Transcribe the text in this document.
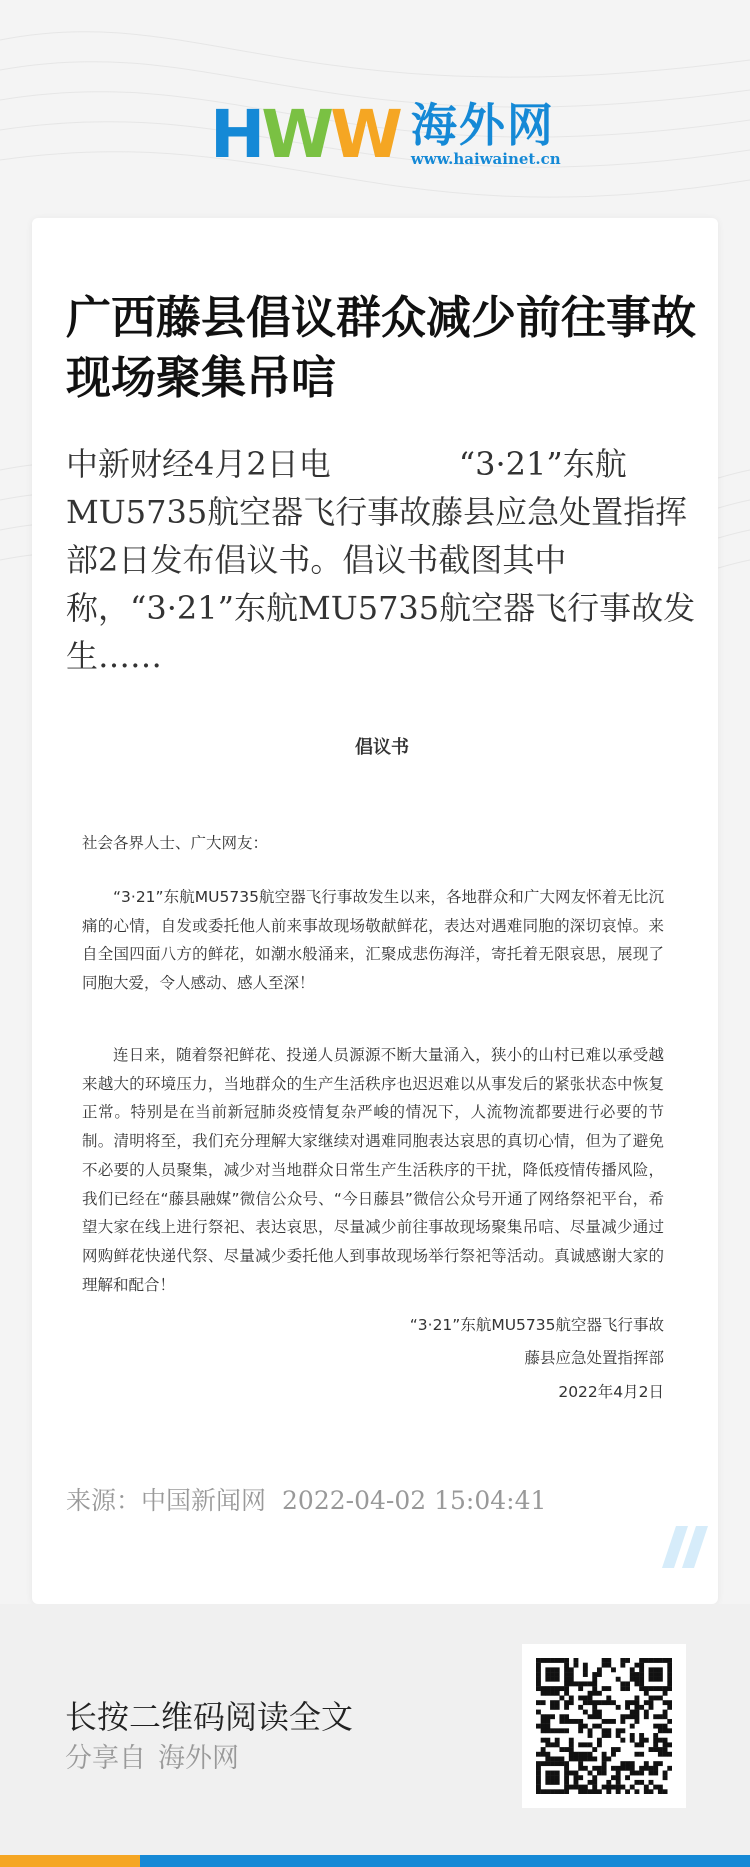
HWW 海外网
www.haiwainet.cn
广西藤县倡议群众减少前往事故现场聚集吊唁

中新财经4月2日电　　　　“3·21”东航MU5735航空器飞行事故藤县应急处置指挥部2日发布倡议书。倡议书截图其中称，“3·21”东航MU5735航空器飞行事故发生……

倡议书
社会各界人士、广大网友：

“3·21”东航MU5735航空器飞行事故发生以来，各地群众和广大网友怀着无比沉痛的心情，自发或委托他人前来事故现场敬献鲜花，表达对遇难同胞的深切哀悼。来自全国四面八方的鲜花，如潮水般涌来，汇聚成悲伤海洋，寄托着无限哀思，展现了同胞大爱，令人感动、感人至深！

连日来，随着祭祀鲜花、投递人员源源不断大量涌入，狭小的山村已难以承受越来越大的环境压力，当地群众的生产生活秩序也迟迟难以从事发后的紧张状态中恢复正常。特别是在当前新冠肺炎疫情复杂严峻的情况下，人流物流都要进行必要的节制。清明将至，我们充分理解大家继续对遇难同胞表达哀思的真切心情，但为了避免不必要的人员聚集，减少对当地群众日常生产生活秩序的干扰，降低疫情传播风险，我们已经在“藤县融媒”微信公众号、“今日藤县”微信公众号开通了网络祭祀平台，希望大家在线上进行祭祀、表达哀思，尽量减少前往事故现场聚集吊唁、尽量减少通过网购鲜花快递代祭、尽量减少委托他人到事故现场举行祭祀等活动。真诚感谢大家的理解和配合！

“3·21”东航MU5735航空器飞行事故
藤县应急处置指挥部
2022年4月2日
来源：中国新闻网 2022-04-02 15:04:41
长按二维码阅读全文
分享自 海外网
